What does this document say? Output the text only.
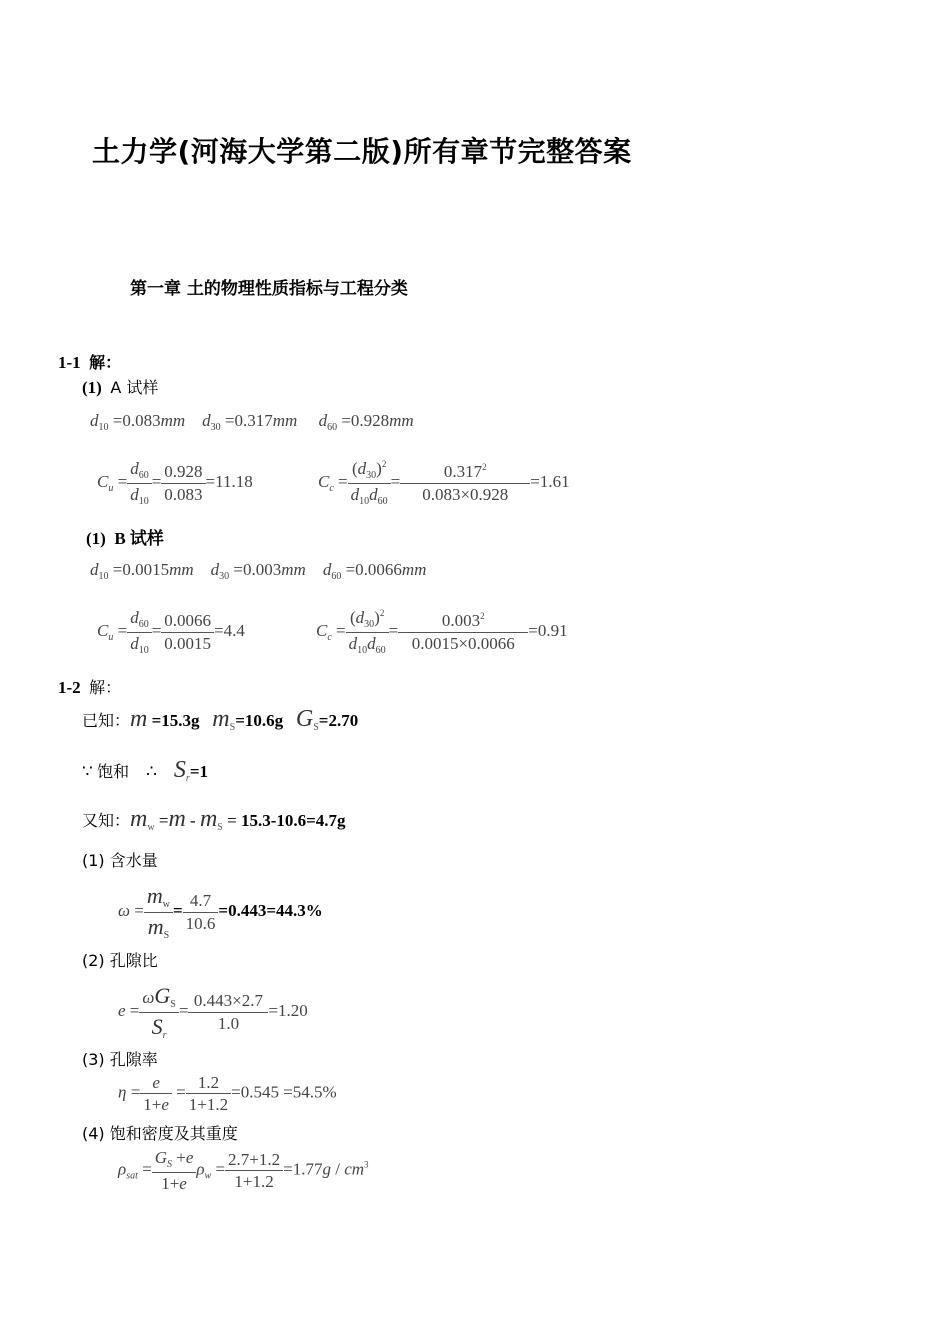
土力学(河海大学第二版)所有章节完整答案
第一章 土的物理性质指标与工程分类
1-1 解：
(1) A 试样
$d_{10} =0.083mm$ $d_{30} =0.317mm$ $d_{60} =0.928mm$
$C_u = \frac{d_{60}}{d_{10}} = \frac{0.928}{0.083} =11.18$	$C_c = \frac{(d_{30})^2}{d_{10}d_{60}} = \frac{0.317^2}{0.083\times 0.928} =1.61$
(1) B 试样
$d_{10} =0.0015mm$ $d_{30} =0.003mm$ $d_{60} =0.0066mm$
$C_u = \frac{d_{60}}{d_{10}} = \frac{0.0066}{0.0015} =4.4$	$C_c = \frac{(d_{30})^2}{d_{10}d_{60}} = \frac{0.003^2}{0.0015\times 0.0066} =0.91$
1-2 解：
已知：m =15.3g $m_S=10.6g$ $G_S=2.70$
∵ 饱和 ∴ $S_r=1$
又知：$m_w =m - m_S = 15.3-10.6=4.7g$
(1) 含水量
$\omega = \frac{m_w}{m_S} = \frac{4.7}{10.6} =0.443=44.3\%$
(2) 孔隙比
$e = \frac{\omega G_S}{S_r} = \frac{0.443\times 2.7}{1.0} =1.20$
(3) 孔隙率
$\eta = \frac{e}{1+e} = \frac{1.2}{1+1.2} =0.545 =54.5\%$
(4) 饱和密度及其重度
$\rho_{sat} = \frac{G_S +e}{1+e} \rho_w = \frac{2.7+1.2}{1+1.2} =1.77g / cm^3$
